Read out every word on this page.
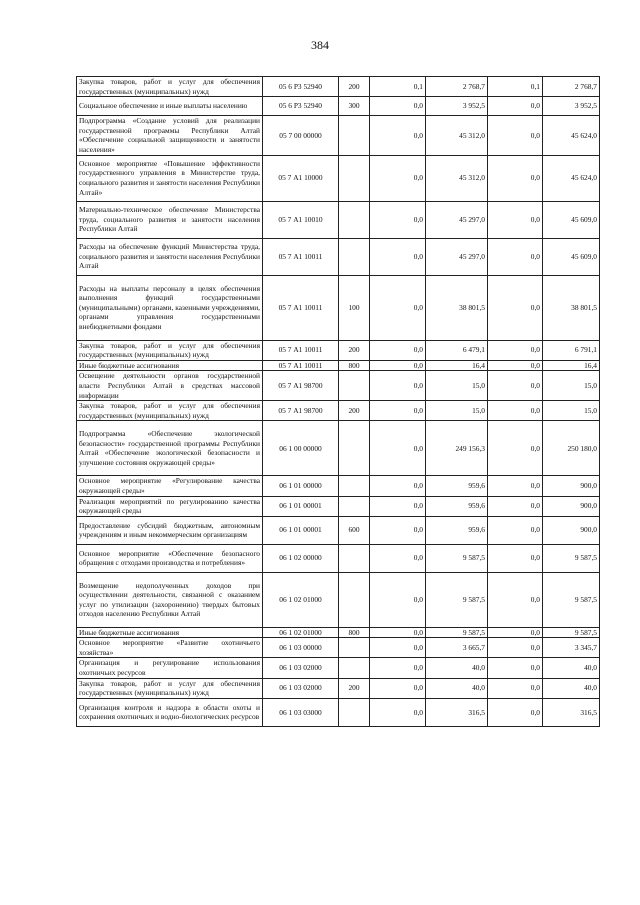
384
Закупка товаров, работ и услуг для обеспечения государственных (муниципальных) нужд	05 6 P3 52940	200	0,1	2 768,7	0,1	2 768,7
Социальное обеспечение и иные выплаты населению	05 6 P3 52940	300	0,0	3 952,5	0,0	3 952,5
Подпрограмма «Создание условий для реализации государственной программы Республики Алтай «Обеспечение социальной защищенности и занятости населения»	05 7 00 00000		0,0	45 312,0	0,0	45 624,0
Основное мероприятие «Повышение эффективности государственного управления в Министерстве труда, социального развития и занятости населения Республики Алтай»	05 7 А1 10000		0,0	45 312,0	0,0	45 624,0
Материально-техническое обеспечение Министерства труда, социального развития и занятости населения Республики Алтай	05 7 А1 10010		0,0	45 297,0	0,0	45 609,0
Расходы на обеспечение функций Министерства труда, социального развития и занятости населения Республики Алтай	05 7 А1 10011		0,0	45 297,0	0,0	45 609,0
Расходы на выплаты персоналу в целях обеспечения выполнения функций государственными (муниципальными) органами, казенными учреждениями, органами управления государственными внебюджетными фондами	05 7 А1 10011	100	0,0	38 801,5	0,0	38 801,5
Закупка товаров, работ и услуг для обеспечения государственных (муниципальных) нужд	05 7 А1 10011	200	0,0	6 479,1	0,0	6 791,1
Иные бюджетные ассигнования	05 7 А1 10011	800	0,0	16,4	0,0	16,4
Освещение деятельности органов государственной власти Республики Алтай в средствах массовой информации	05 7 А1 98700		0,0	15,0	0,0	15,0
Закупка товаров, работ и услуг для обеспечения государственных (муниципальных) нужд	05 7 А1 98700	200	0,0	15,0	0,0	15,0
Подпрограмма «Обеспечение экологической безопасности» государственной программы Республики Алтай «Обеспечение экологической безопасности и улучшение состояния окружающей среды»	06 1 00 00000		0,0	249 156,3	0,0	250 180,0
Основное мероприятие «Регулирование качества окружающей среды»	06 1 01 00000		0,0	959,6	0,0	900,0
Реализация мероприятий по регулированию качества окружающей среды	06 1 01 00001		0,0	959,6	0,0	900,0
Предоставление субсидий бюджетным, автономным учреждениям и иным некоммерческим организациям	06 1 01 00001	600	0,0	959,6	0,0	900,0
Основное мероприятие «Обеспечение безопасного обращения с отходами производства и потребления»	06 1 02 00000		0,0	9 587,5	0,0	9 587,5
Возмещение недополученных доходов при осуществлении деятельности, связанной с оказанием услуг по утилизации (захоронению) твердых бытовых отходов населению Республики Алтай	06 1 02 01000		0,0	9 587,5	0,0	9 587,5
Иные бюджетные ассигнования	06 1 02 01000	800	0,0	9 587,5	0,0	9 587,5
Основное мероприятие «Развитие охотничьего хозяйства»	06 1 03 00000		0,0	3 665,7	0,0	3 345,7
Организация и регулирование использования охотничьих ресурсов	06 1 03 02000		0,0	40,0	0,0	40,0
Закупка товаров, работ и услуг для обеспечения государственных (муниципальных) нужд	06 1 03 02000	200	0,0	40,0	0,0	40,0
Организация контроля и надзора в области охоты и сохранения охотничьих и водно-биологических ресурсов	06 1 03 03000		0,0	316,5	0,0	316,5
